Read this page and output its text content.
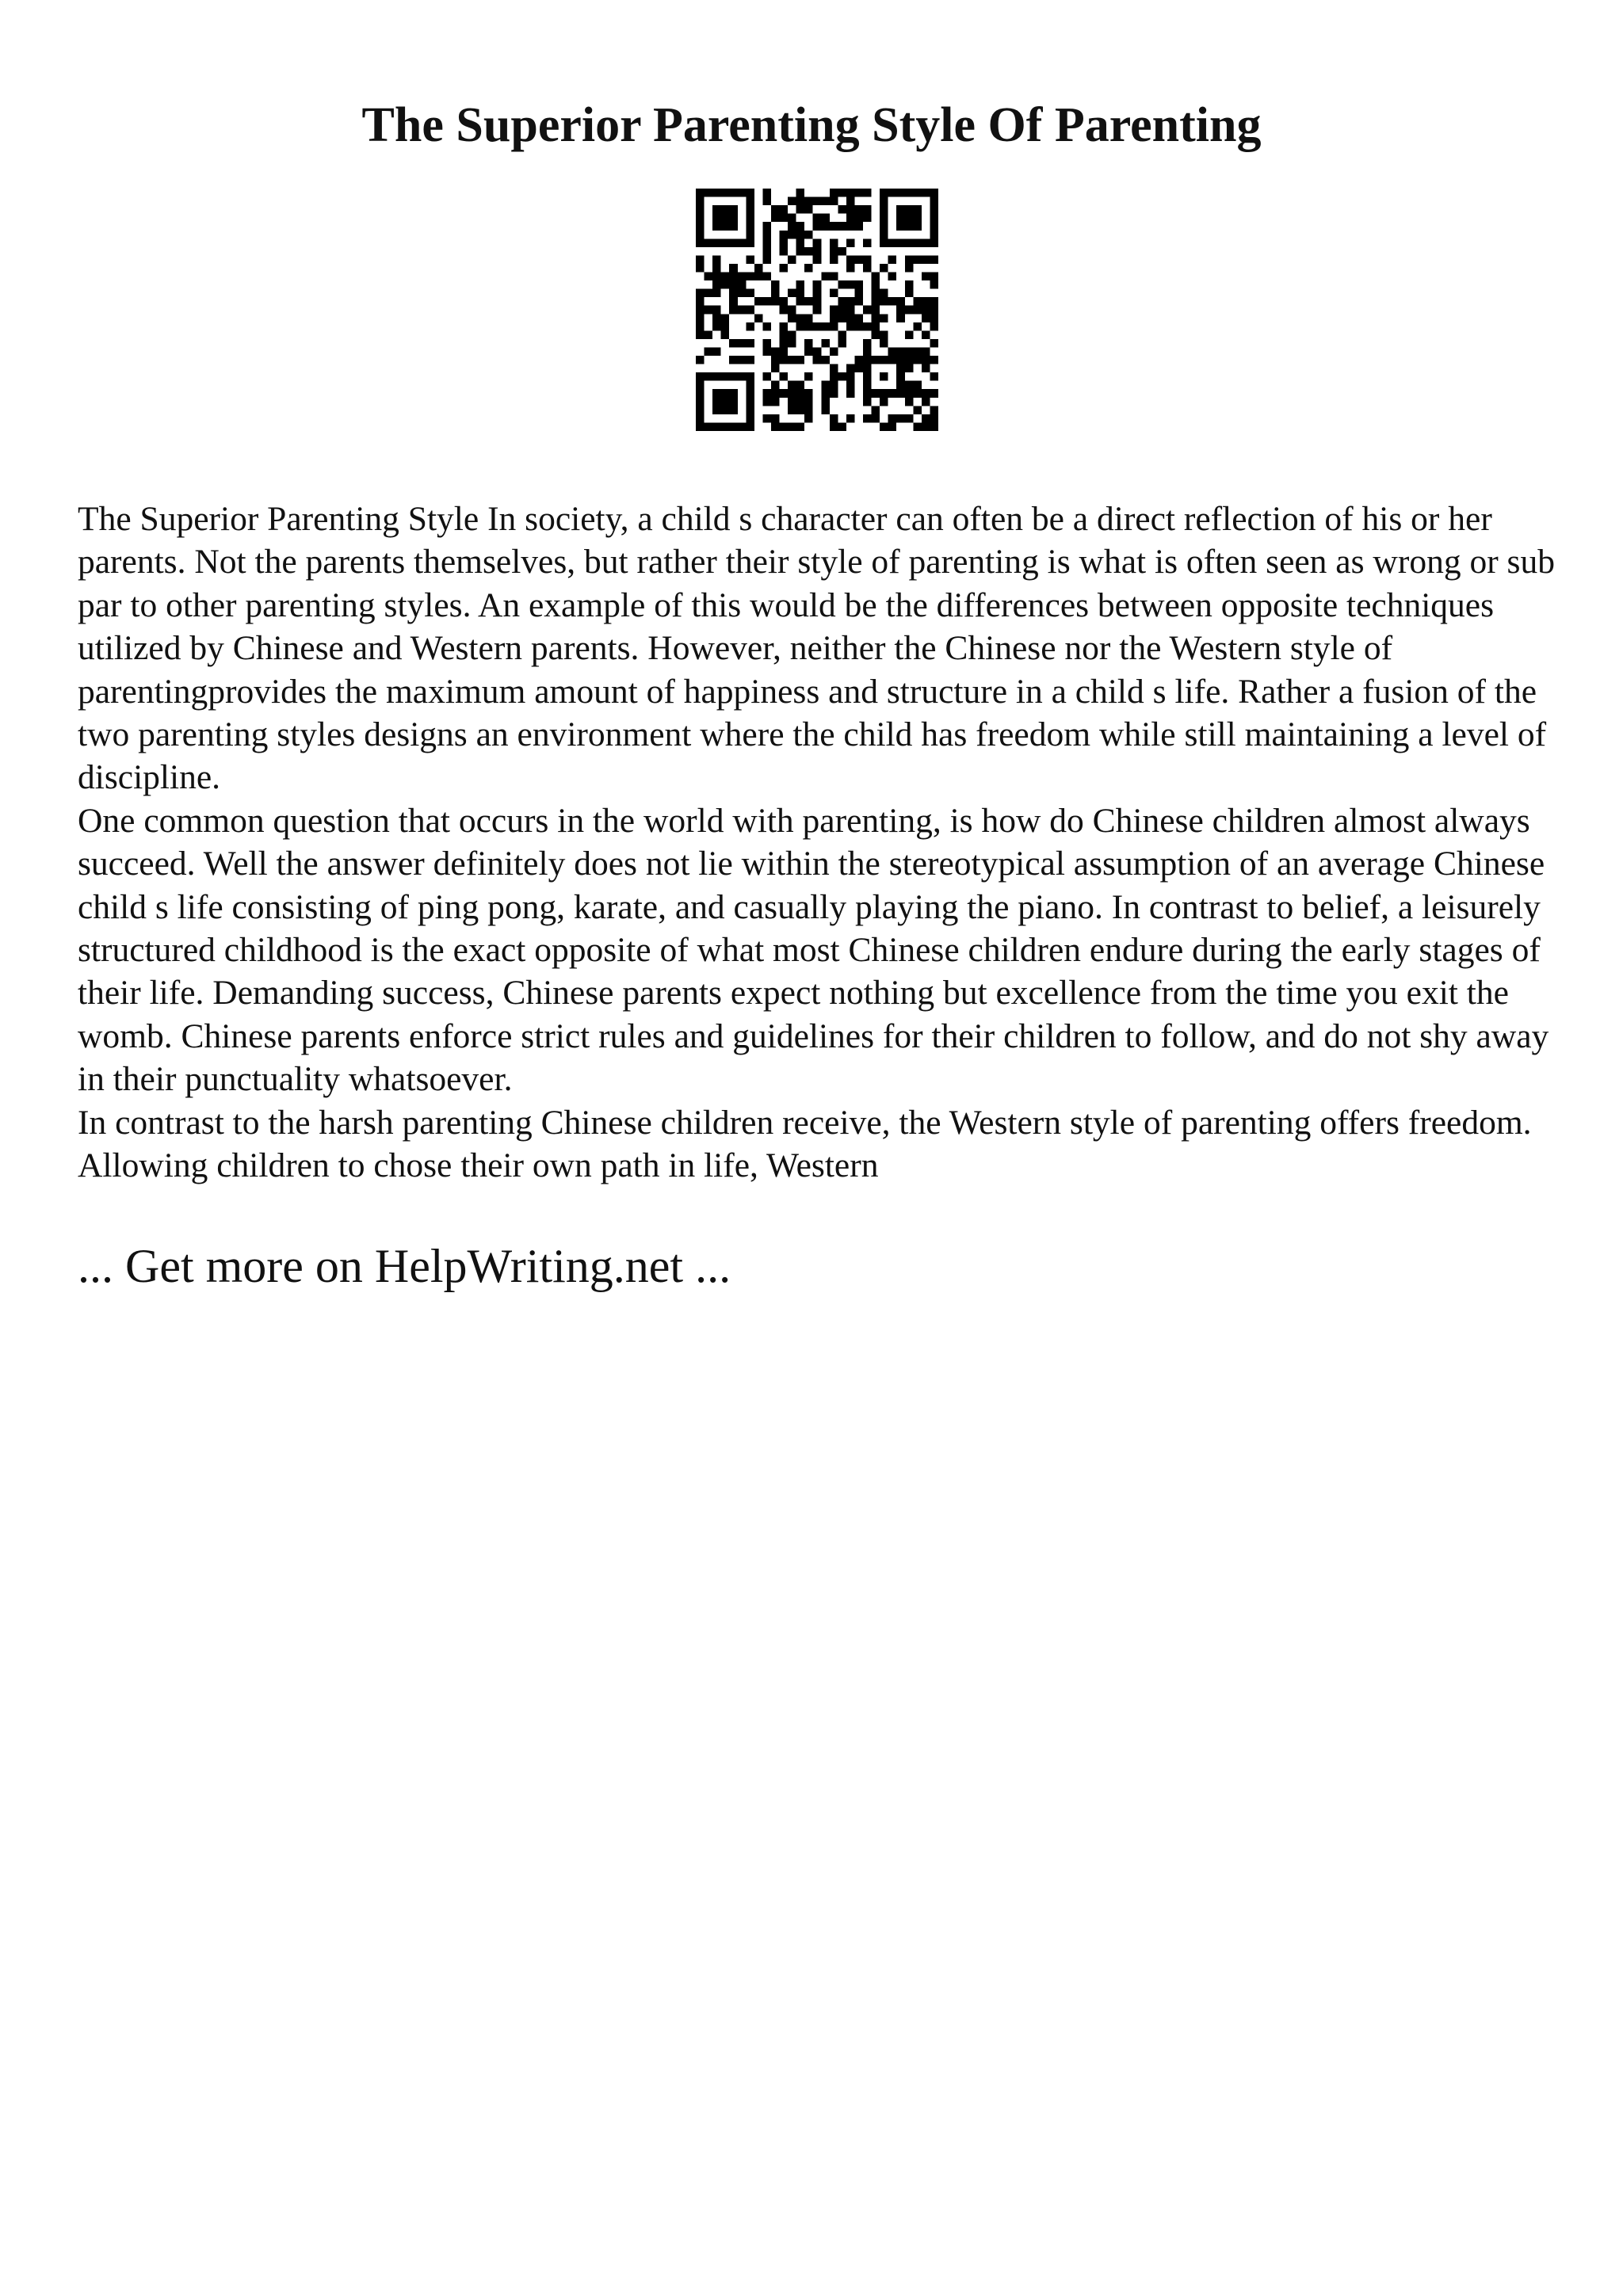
The Superior Parenting Style Of Parenting

The Superior Parenting Style In society, a child s character can often be a direct reflection of his or her parents. Not the parents themselves, but rather their style of parenting is what is often seen as wrong or sub par to other parenting styles. An example of this would be the differences between opposite techniques utilized by Chinese and Western parents. However, neither the Chinese nor the Western style of parentingprovides the maximum amount of happiness and structure in a child s life. Rather a fusion of the two parenting styles designs an environment where the child has freedom while still maintaining a level of discipline.

One common question that occurs in the world with parenting, is how do Chinese children almost always succeed. Well the answer definitely does not lie within the stereotypical assumption of an average Chinese child s life consisting of ping pong, karate, and casually playing the piano. In contrast to belief, a leisurely structured childhood is the exact opposite of what most Chinese children endure during the early stages of their life. Demanding success, Chinese parents expect nothing but excellence from the time you exit the womb. Chinese parents enforce strict rules and guidelines for their children to follow, and do not shy away in their punctuality whatsoever.

In contrast to the harsh parenting Chinese children receive, the Western style of parenting offers freedom. Allowing children to chose their own path in life, Western

... Get more on HelpWriting.net ...
